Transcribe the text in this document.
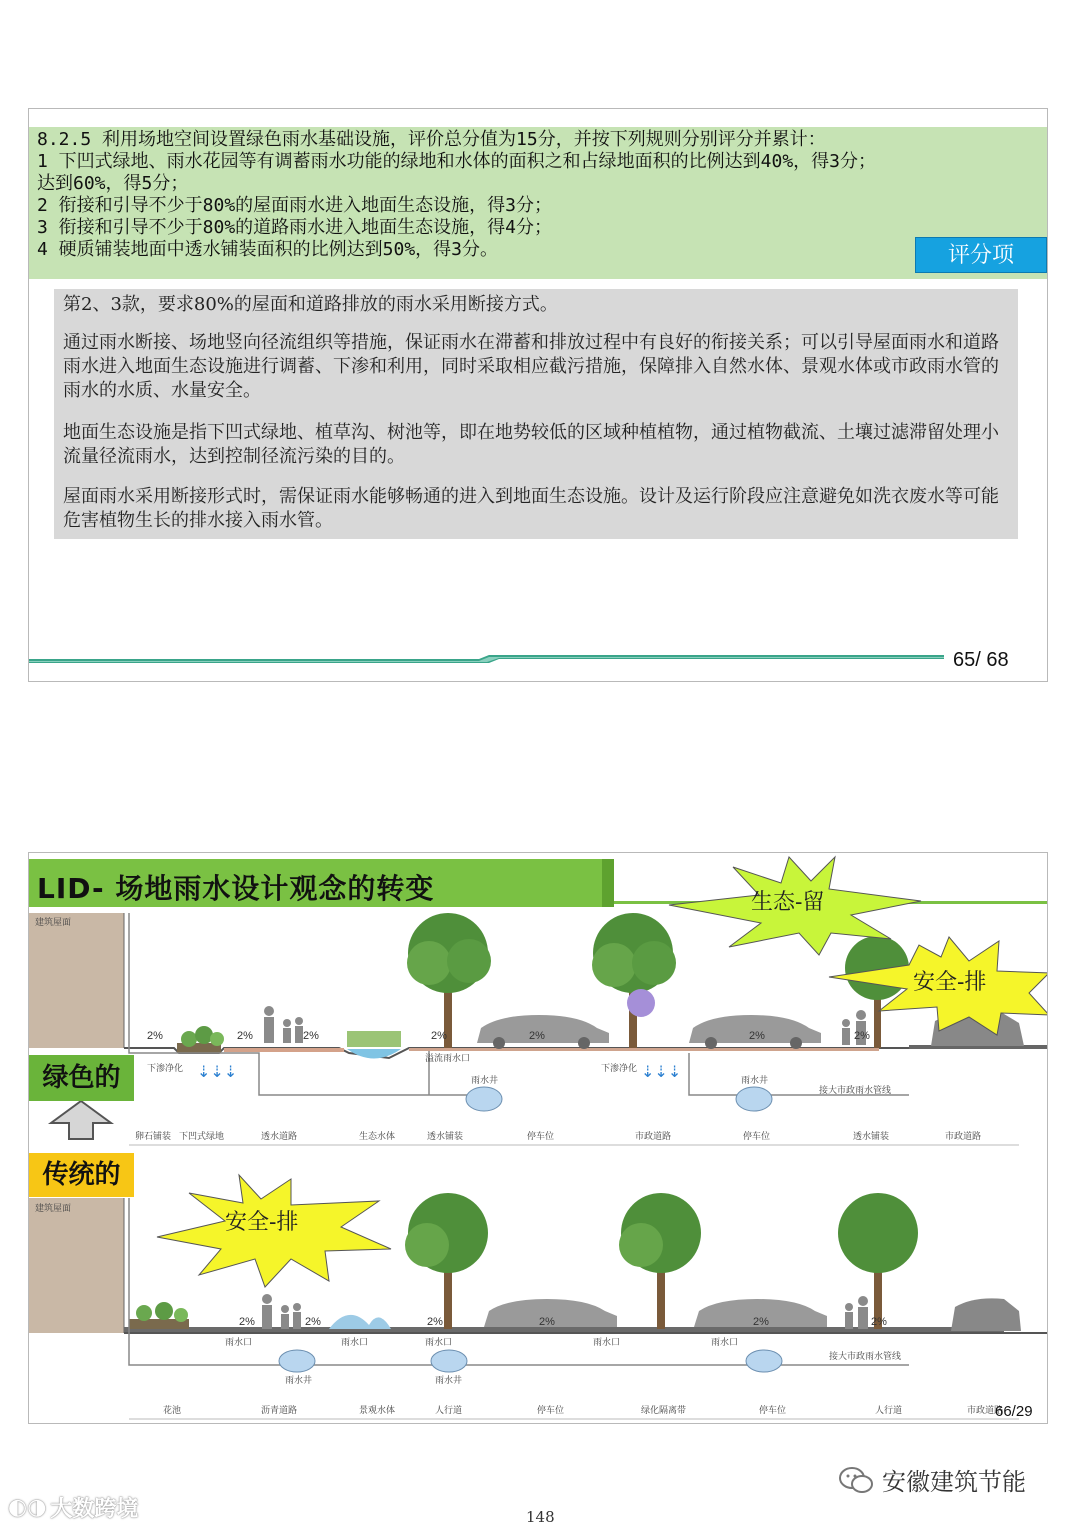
8.2.5 利用场地空间设置绿色雨水基础设施，评价总分值为15分，并按下列规则分别评分并累计：
1 下凹式绿地、雨水花园等有调蓄雨水功能的绿地和水体的面积之和占绿地面积的比例达到40%，得3分；
达到60%，得5分；
2 衔接和引导不少于80%的屋面雨水进入地面生态设施，得3分；
3 衔接和引导不少于80%的道路雨水进入地面生态设施，得4分；
4 硬质铺装地面中透水铺装面积的比例达到50%，得3分。	评分项
第2、3款，要求80%的屋面和道路排放的雨水采用断接方式。
通过雨水断接、场地竖向径流组织等措施，保证雨水在滞蓄和排放过程中有良好的衔接关系；可以引导屋面雨水和道路雨水进入地面生态设施进行调蓄、下渗和利用，同时采取相应截污措施，保障排入自然水体、景观水体或市政雨水管的雨水的水质、水量安全。
地面生态设施是指下凹式绿地、植草沟、树池等，即在地势较低的区域种植植物，通过植物截流、土壤过滤滞留处理小流量径流雨水，达到控制径流污染的目的。
屋面雨水采用断接形式时，需保证雨水能够畅通的进入到地面生态设施。设计及运行阶段应注意避免如洗衣废水等可能危害植物生长的排水接入雨水管。
65/ 68
LID- 场地雨水设计观念的转变
建筑屋面
2%	2%	2%	2%	2%	2%	2%
下渗净化	下渗净化
⇣⇣⇣	⇣⇣⇣
溢流雨水口
雨水井	雨水井
接大市政雨水管线
卵石铺装 下凹式绿地	透水道路	生态水体	透水铺装	停车位	市政道路	停车位	透水铺装	市政道路
建筑屋面
2%	2%	2%	2%	2%	2%
雨水口	雨水口	雨水口	雨水口	雨水口
雨水井	雨水井
接大市政雨水管线
花池	沥青道路	景观水体	人行道	停车位	绿化隔离带	停车位	人行道	市政道路
生态-留
安全-排
安全-排
绿色的
传统的
66/29
◐◑ 大数跨境
安徽建筑节能
148
